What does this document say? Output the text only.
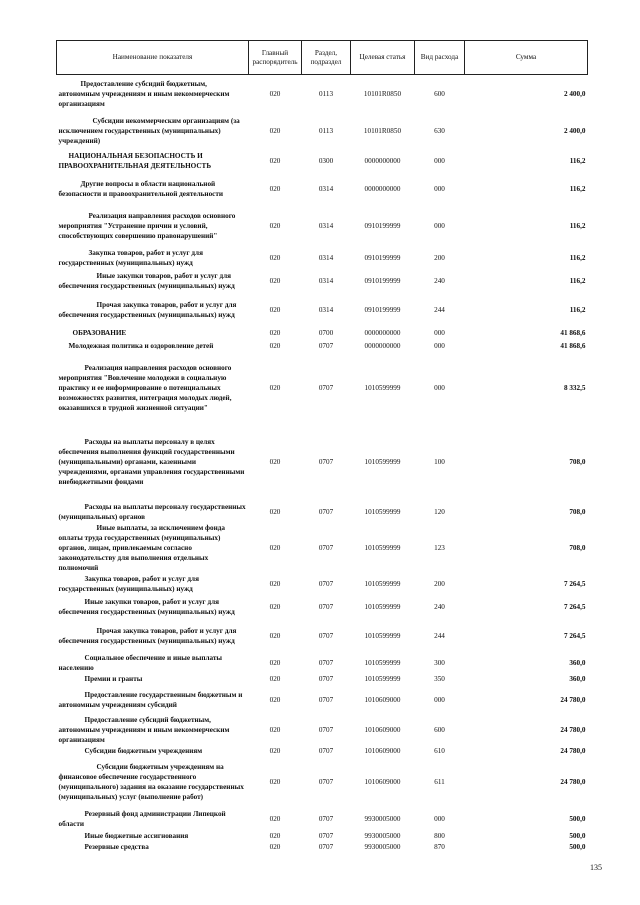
Наименование показателя	Главный распорядитель	Раздел, подраздел	Целевая статья	Вид расхода	Сумма
Предоставление субсидий бюджетным, автономным учреждениям и иным некоммерческим организациям	020	0113	10101R0850	600	2 400,0
Субсидии некоммерческим организациям (за исключением государственных (муниципальных) учреждений)	020	0113	10101R0850	630	2 400,0
НАЦИОНАЛЬНАЯ БЕЗОПАСНОСТЬ И ПРАВООХРАНИТЕЛЬНАЯ ДЕЯТЕЛЬНОСТЬ	020	0300	0000000000	000	116,2
Другие вопросы в области национальной безопасности и правоохранительной деятельности	020	0314	0000000000	000	116,2
Реализация направления расходов основного мероприятия "Устранение причин и условий, способствующих совершению правонарушений"	020	0314	0910199999	000	116,2
Закупка товаров, работ и услуг для государственных (муниципальных) нужд	020	0314	0910199999	200	116,2
Иные закупки товаров, работ и услуг для обеспечения государственных (муниципальных) нужд	020	0314	0910199999	240	116,2
Прочая закупка товаров, работ и услуг для обеспечения государственных (муниципальных) нужд	020	0314	0910199999	244	116,2
ОБРАЗОВАНИЕ	020	0700	0000000000	000	41 868,6
Молодежная политика и оздоровление детей	020	0707	0000000000	000	41 868,6
Реализация направления расходов основного мероприятия "Вовлечение молодежи в социальную практику и ее информирование о потенциальных возможностях развития, интеграция молодых людей, оказавшихся в трудной жизненной ситуации"	020	0707	1010599999	000	8 332,5
Расходы на выплаты персоналу в целях обеспечения выполнения функций государственными (муниципальными) органами, казенными учреждениями, органами управления государственными внебюджетными фондами	020	0707	1010599999	100	708,0
Расходы на выплаты персоналу государственных (муниципальных) органов	020	0707	1010599999	120	708,0
Иные выплаты, за исключением фонда оплаты труда государственных (муниципальных) органов, лицам, привлекаемым согласно законодательству для выполнения отдельных полномочий	020	0707	1010599999	123	708,0
Закупка товаров, работ и услуг для государственных (муниципальных) нужд	020	0707	1010599999	200	7 264,5
Иные закупки товаров, работ и услуг для обеспечения государственных (муниципальных) нужд	020	0707	1010599999	240	7 264,5
Прочая закупка товаров, работ и услуг для обеспечения государственных (муниципальных) нужд	020	0707	1010599999	244	7 264,5
Социальное обеспечение и иные выплаты населению	020	0707	1010599999	300	360,0
Премии и гранты	020	0707	1010599999	350	360,0
Предоставление государственным бюджетным и автономным учреждениям субсидий	020	0707	1010609000	000	24 780,0
Предоставление субсидий бюджетным, автономным учреждениям и иным некоммерческим организациям	020	0707	1010609000	600	24 780,0
Субсидии бюджетным учреждениям	020	0707	1010609000	610	24 780,0
Субсидии бюджетным учреждениям на финансовое обеспечение государственного (муниципального) задания на оказание государственных (муниципальных) услуг (выполнение работ)	020	0707	1010609000	611	24 780,0
Резервный фонд администрации Липецкой области	020	0707	9930005000	000	500,0
Иные бюджетные ассигнования	020	0707	9930005000	800	500,0
Резервные средства	020	0707	9930005000	870	500,0
135
